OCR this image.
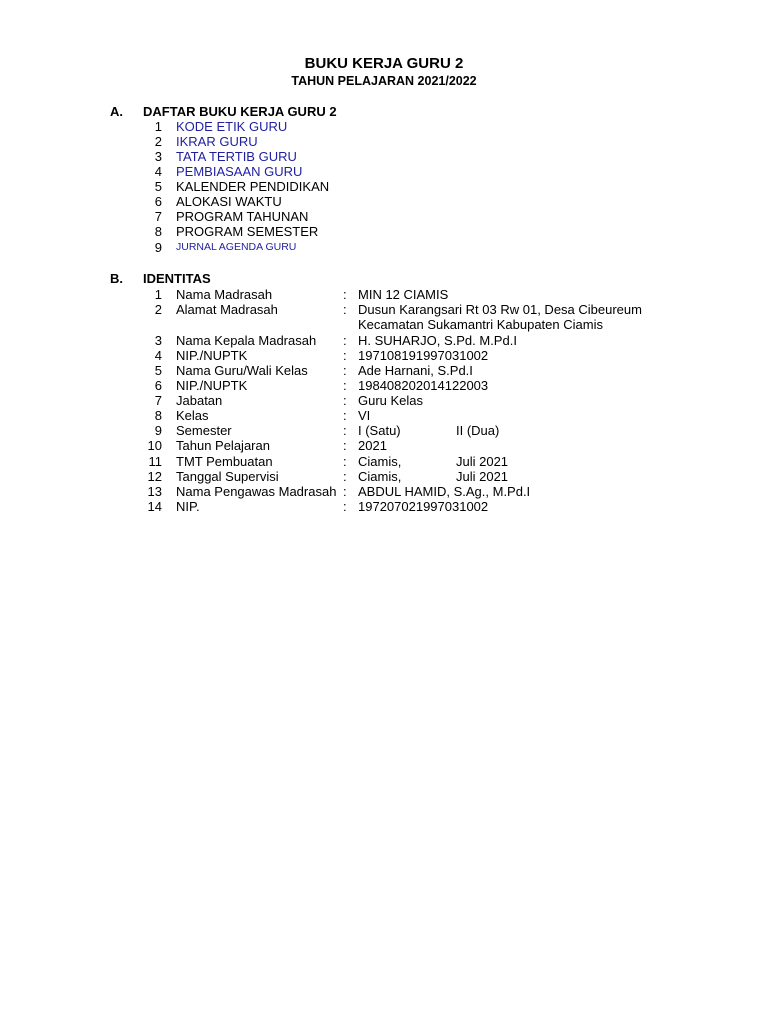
BUKU KERJA GURU 2
TAHUN PELAJARAN 2021/2022
A. DAFTAR BUKU KERJA GURU 2
1 KODE ETIK GURU
2 IKRAR GURU
3 TATA TERTIB GURU
4 PEMBIASAAN GURU
5 KALENDER PENDIDIKAN
6 ALOKASI WAKTU
7 PROGRAM TAHUNAN
8 PROGRAM SEMESTER
9 JURNAL AGENDA GURU
B. IDENTITAS
1 Nama Madrasah	: MIN 12 CIAMIS
2 Alamat Madrasah	: Dusun Karangsari Rt 03 Rw 01, Desa Cibeureum
Kecamatan Sukamantri Kabupaten Ciamis
3 Nama Kepala Madrasah	: H. SUHARJO, S.Pd. M.Pd.I
4 NIP./NUPTK	: 197108191997031002
5 Nama Guru/Wali Kelas	: Ade Harnani, S.Pd.I
6 NIP./NUPTK	: 198408202014122003
7 Jabatan	: Guru Kelas
8 Kelas	: VI
9 Semester	: I (Satu)	II (Dua)
10 Tahun Pelajaran	: 2021
11 TMT Pembuatan	: Ciamis,	Juli 2021
12 Tanggal Supervisi	: Ciamis,	Juli 2021
13 Nama Pengawas Madrasah : ABDUL HAMID, S.Ag., M.Pd.I
14 NIP.	: 197207021997031002
